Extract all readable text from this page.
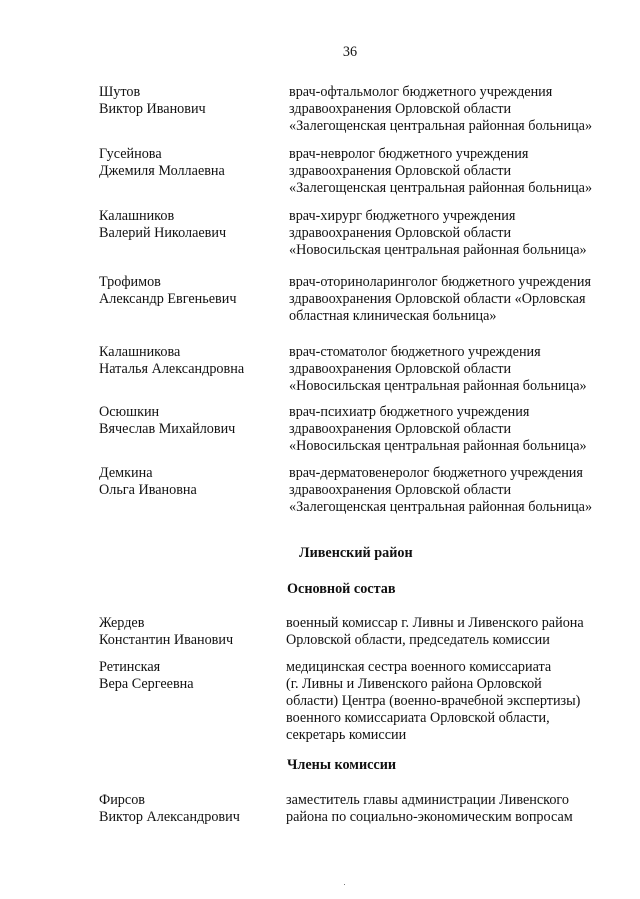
36
Шутов
Виктор Иванович
врач-офтальмолог бюджетного учреждения
здравоохранения Орловской области
«Залегощенская центральная районная больница»
Гусейнова
Джемиля Моллаевна
врач-невролог бюджетного учреждения
здравоохранения Орловской области
«Залегощенская центральная районная больница»
Калашников
Валерий Николаевич
врач-хирург бюджетного учреждения
здравоохранения Орловской области
«Новосильская центральная районная больница»
Трофимов
Александр Евгеньевич
врач-оториноларинголог бюджетного учреждения
здравоохранения Орловской области «Орловская
областная клиническая больница»
Калашникова
Наталья Александровна
врач-стоматолог бюджетного учреждения
здравоохранения Орловской области
«Новосильская центральная районная больница»
Осюшкин
Вячеслав Михайлович
врач-психиатр бюджетного учреждения
здравоохранения Орловской области
«Новосильская центральная районная больница»
Демкина
Ольга Ивановна
врач-дерматовенеролог бюджетного учреждения
здравоохранения Орловской области
«Залегощенская центральная районная больница»
Ливенский район
Основной состав
Жердев
Константин Иванович
военный комиссар г. Ливны и Ливенского района
Орловской области, председатель комиссии
Ретинская
Вера Сергеевна
медицинская сестра военного комиссариата
(г. Ливны и Ливенского района Орловской
области) Центра (военно-врачебной экспертизы)
военного комиссариата Орловской области,
секретарь комиссии
Члены комиссии
Фирсов
Виктор Александрович
заместитель главы администрации Ливенского
района по социально-экономическим вопросам
